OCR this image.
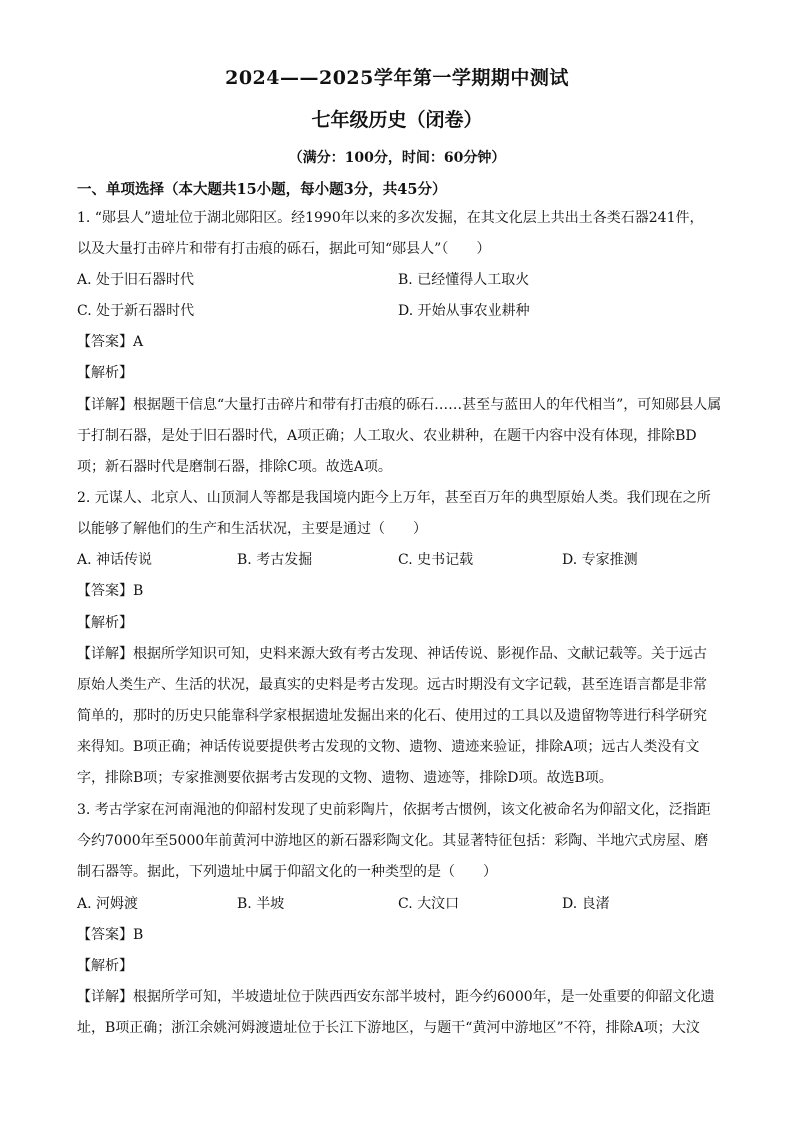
2024——2025学年第一学期期中测试
七年级历史（闭卷）
（满分：100分，时间：60分钟）
一、单项选择（本大题共15小题，每小题3分，共45分）
1. “郧县人”遗址位于湖北郧阳区。经1990年以来的多次发掘，在其文化层上共出土各类石器241件，
以及大量打击碎片和带有打击痕的砾石，据此可知“郧县人”（　　）
A. 处于旧石器时代	B. 已经懂得人工取火
C. 处于新石器时代	D. 开始从事农业耕种
【答案】A
【解析】
【详解】根据题干信息“大量打击碎片和带有打击痕的砾石……甚至与蓝田人的年代相当”，可知郧县人属
于打制石器，是处于旧石器时代，A项正确；人工取火、农业耕种，在题干内容中没有体现，排除BD
项；新石器时代是磨制石器，排除C项。故选A项。
2. 元谋人、北京人、山顶洞人等都是我国境内距今上万年，甚至百万年的典型原始人类。我们现在之所
以能够了解他们的生产和生活状况，主要是通过（　　）
A. 神话传说	B. 考古发掘	C. 史书记载	D. 专家推测
【答案】B
【解析】
【详解】根据所学知识可知，史料来源大致有考古发现、神话传说、影视作品、文献记载等。关于远古
原始人类生产、生活的状况，最真实的史料是考古发现。远古时期没有文字记载，甚至连语言都是非常
简单的，那时的历史只能靠科学家根据遗址发掘出来的化石、使用过的工具以及遗留物等进行科学研究
来得知。B项正确；神话传说要提供考古发现的文物、遗物、遗迹来验证，排除A项；远古人类没有文
字，排除B项；专家推测要依据考古发现的文物、遗物、遗迹等，排除D项。故选B项。
3. 考古学家在河南渑池的仰韶村发现了史前彩陶片，依据考古惯例，该文化被命名为仰韶文化，泛指距
今约7000年至5000年前黄河中游地区的新石器彩陶文化。其显著特征包括：彩陶、半地穴式房屋、磨
制石器等。据此，下列遗址中属于仰韶文化的一种类型的是（　　）
A. 河姆渡	B. 半坡	C. 大汶口	D. 良渚
【答案】B
【解析】
【详解】根据所学可知，半坡遗址位于陕西西安东部半坡村，距今约6000年，是一处重要的仰韶文化遗
址，B项正确；浙江余姚河姆渡遗址位于长江下游地区，与题干“黄河中游地区”不符，排除A项；大汶
